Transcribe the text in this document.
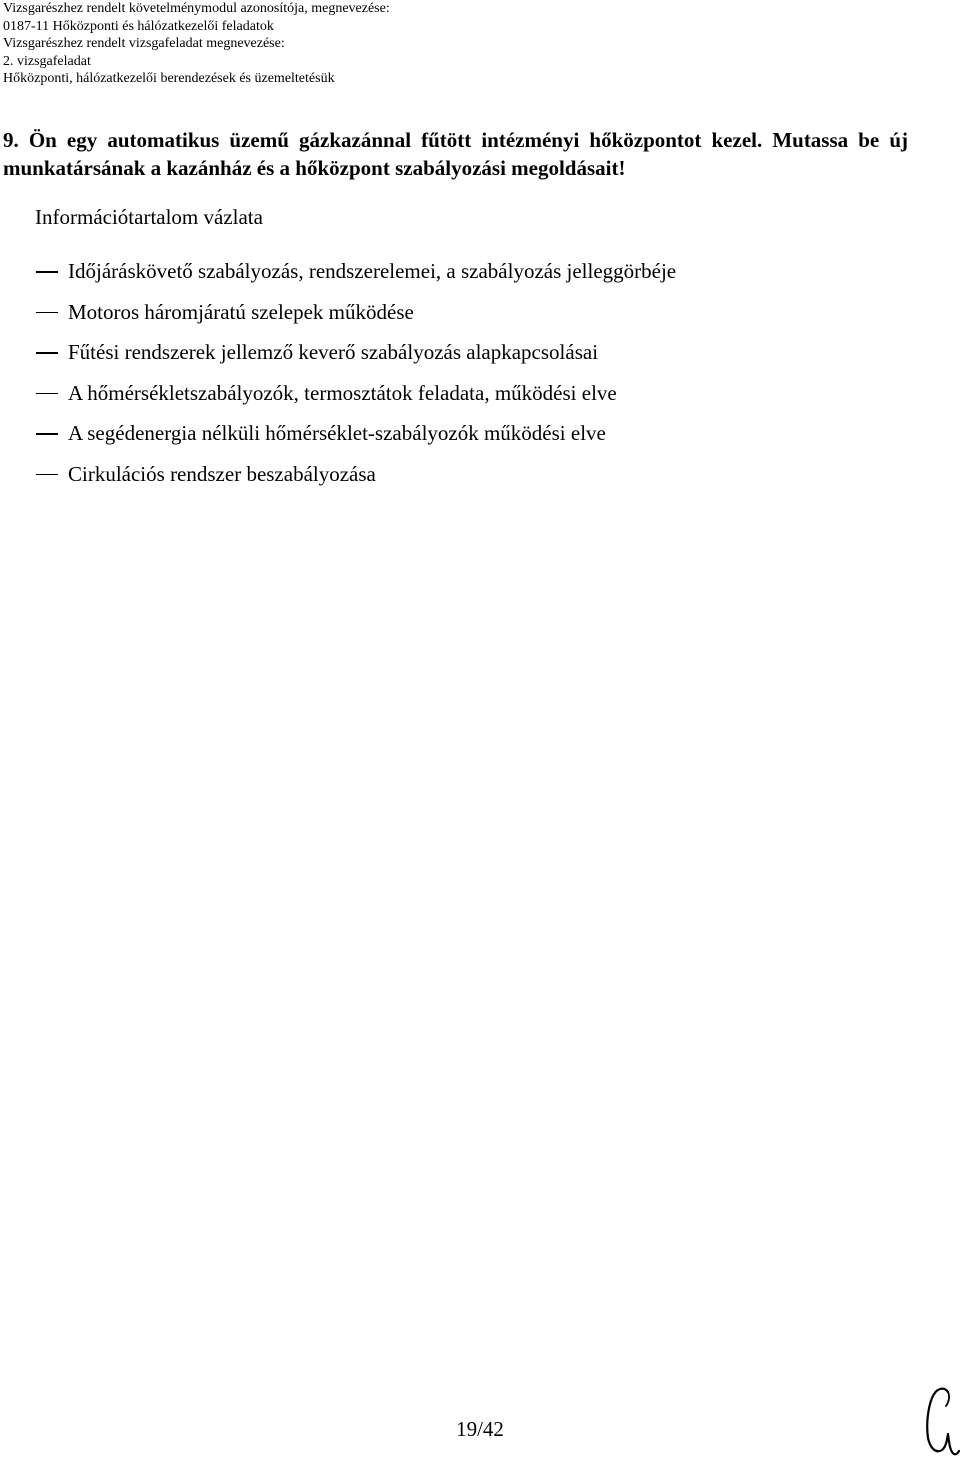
Vizsgarészhez rendelt követelménymodul azonosítója, megnevezése:
0187-11 Hőközponti és hálózatkezelői feladatok
Vizsgarészhez rendelt vizsgafeladat megnevezése:
2. vizsgafeladat
Hőközponti, hálózatkezelői berendezések és üzemeltetésük
9. Ön egy automatikus üzemű gázkazánnal fűtött intézményi hőközpontot kezel. Mutassa be új munkatársának a kazánház és a hőközpont szabályozási megoldásait!
Információtartalom vázlata
Időjáráskövető szabályozás, rendszerelemei, a szabályozás jelleggörbéje
Motoros háromjáratú szelepek működése
Fűtési rendszerek jellemző keverő szabályozás alapkapcsolásai
A hőmérsékletszabályozók, termosztátok feladata, működési elve
A segédenergia nélküli hőmérséklet-szabályozók működési elve
Cirkulációs rendszer beszabályozása
19/42
